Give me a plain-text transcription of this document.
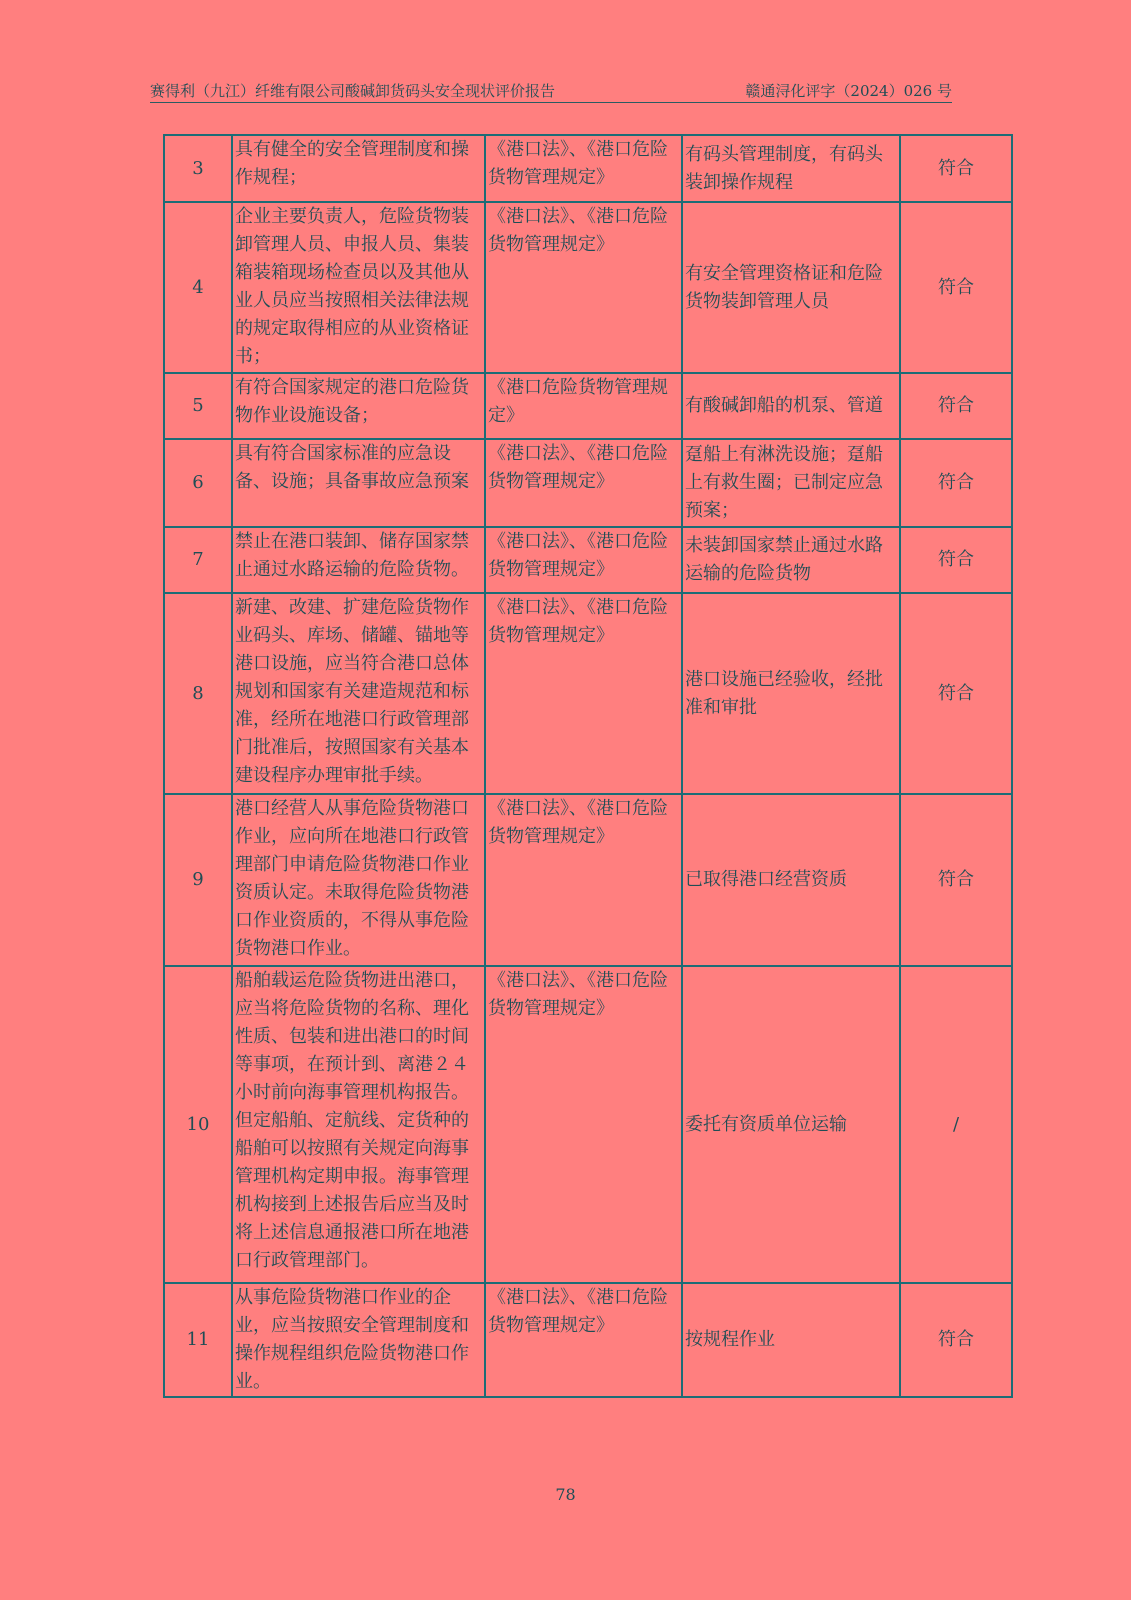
赛得利（九江）纤维有限公司酸碱卸货码头安全现状评价报告	赣通浔化评字（2024）026 号
3	具有健全的安全管理制度和操作规程；	《港口法》、《港口危险货物管理规定》	有码头管理制度，有码头装卸操作规程	符合
4	企业主要负责人，危险货物装卸管理人员、申报人员、集装箱装箱现场检查员以及其他从业人员应当按照相关法律法规的规定取得相应的从业资格证书；	《港口法》、《港口危险货物管理规定》	有安全管理资格证和危险货物装卸管理人员	符合
5	有符合国家规定的港口危险货物作业设施设备；	《港口危险货物管理规定》	有酸碱卸船的机泵、管道	符合
6	具有符合国家标准的应急设备、设施；具备事故应急预案	《港口法》、《港口危险货物管理规定》	趸船上有淋洗设施；趸船上有救生圈；已制定应急预案；	符合
7	禁止在港口装卸、储存国家禁止通过水路运输的危险货物。	《港口法》、《港口危险货物管理规定》	未装卸国家禁止通过水路运输的危险货物	符合
8	新建、改建、扩建危险货物作业码头、库场、储罐、锚地等港口设施，应当符合港口总体规划和国家有关建造规范和标准，经所在地港口行政管理部门批准后，按照国家有关基本建设程序办理审批手续。	《港口法》、《港口危险货物管理规定》	港口设施已经验收，经批准和审批	符合
9	港口经营人从事危险货物港口作业，应向所在地港口行政管理部门申请危险货物港口作业资质认定。未取得危险货物港口作业资质的，不得从事危险货物港口作业。	《港口法》、《港口危险货物管理规定》	已取得港口经营资质	符合
10	船舶载运危险货物进出港口，应当将危险货物的名称、理化性质、包装和进出港口的时间等事项，在预计到、离港２４小时前向海事管理机构报告。但定船舶、定航线、定货种的船舶可以按照有关规定向海事管理机构定期申报。海事管理机构接到上述报告后应当及时将上述信息通报港口所在地港口行政管理部门。	《港口法》、《港口危险货物管理规定》	委托有资质单位运输	/
11	从事危险货物港口作业的企业，应当按照安全管理制度和操作规程组织危险货物港口作业。	《港口法》、《港口危险货物管理规定》	按规程作业	符合
78
